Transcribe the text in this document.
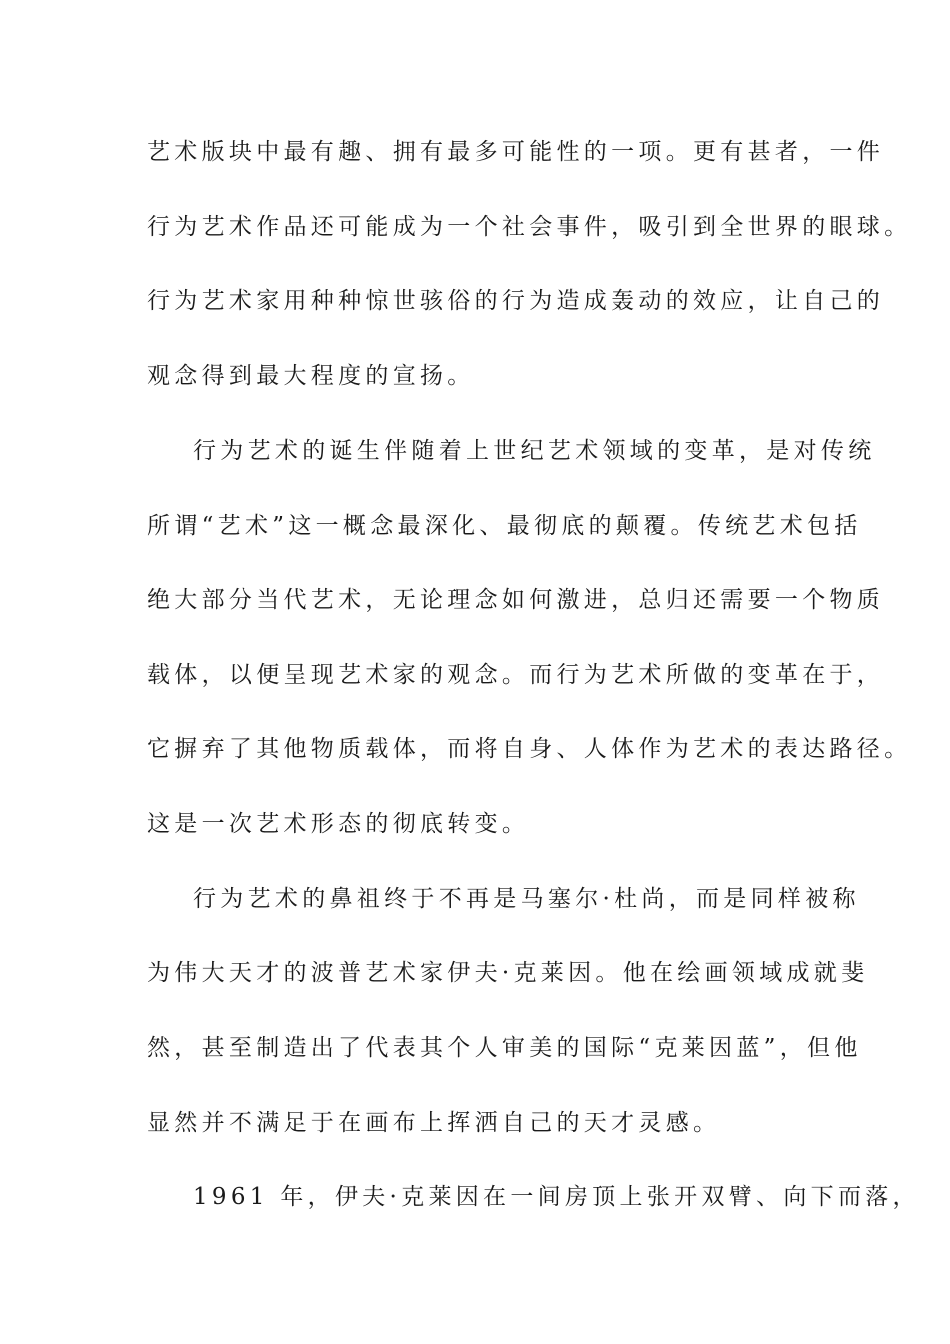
艺术版块中最有趣、拥有最多可能性的一项。更有甚者，一件
行为艺术作品还可能成为一个社会事件，吸引到全世界的眼球。
行为艺术家用种种惊世骇俗的行为造成轰动的效应，让自己的
观念得到最大程度的宣扬。
行为艺术的诞生伴随着上世纪艺术领域的变革，是对传统
所谓“艺术”这一概念最深化、最彻底的颠覆。传统艺术包括
绝大部分当代艺术，无论理念如何激进，总归还需要一个物质
载体，以便呈现艺术家的观念。而行为艺术所做的变革在于，
它摒弃了其他物质载体，而将自身、人体作为艺术的表达路径。
这是一次艺术形态的彻底转变。
行为艺术的鼻祖终于不再是马塞尔·杜尚，而是同样被称
为伟大天才的波普艺术家伊夫·克莱因。他在绘画领域成就斐
然，甚至制造出了代表其个人审美的国际“克莱因蓝”，但他
显然并不满足于在画布上挥洒自己的天才灵感。
1961 年，伊夫·克莱因在一间房顶上张开双臂、向下而落，
